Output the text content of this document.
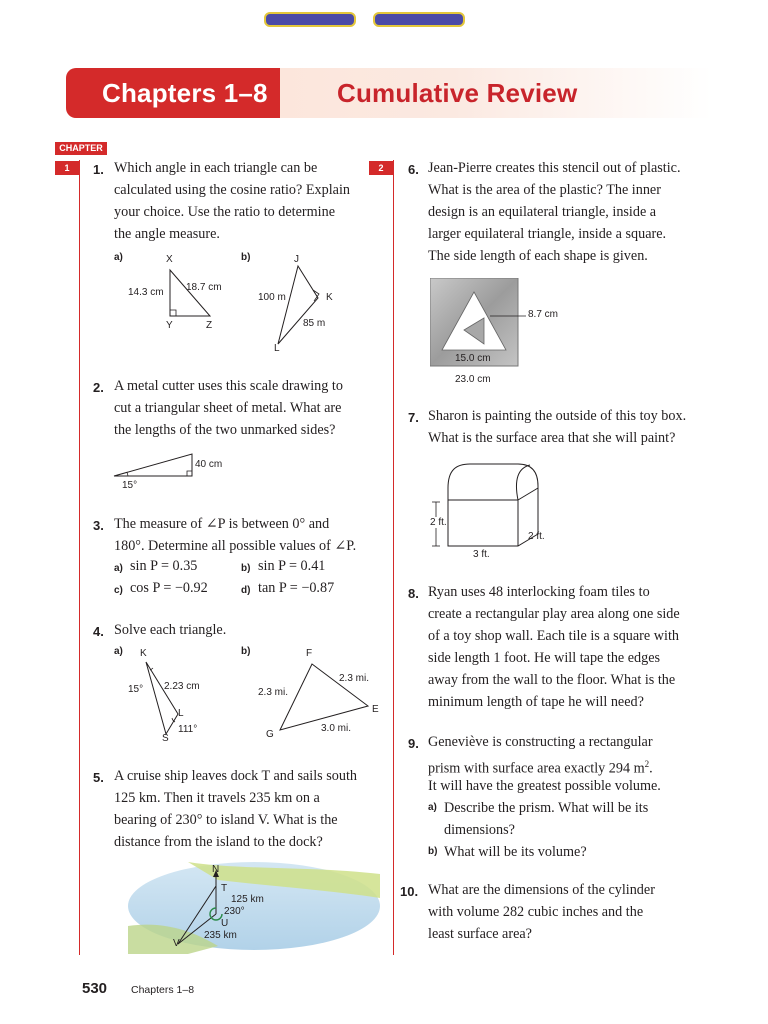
Chapters 1–8	Cumulative Review
CHAPTER
1	2
1. Which angle in each triangle can be
calculated using the cosine ratio? Explain
your choice. Use the ratio to determine
the angle measure.
a)	b)
X
14.3 cm 18.7 cm
Y	Z
J
100 m	K
85 m
L
2. A metal cutter uses this scale drawing to
cut a triangular sheet of metal. What are
the lengths of the two unmarked sides?
40 cm
15°
3. The measure of ∠P is between 0° and
180°. Determine all possible values of ∠P.
a) sin P = 0.35	b) sin P = 0.41
c) cos P = −0.92	d) tan P = −0.87
4. Solve each triangle.
a)	b)
K
15° 2.23 cm
L
111°
S
F
2.3 mi.
2.3 mi.
E
3.0 mi.
G
5. A cruise ship leaves dock T and sails south
125 km. Then it travels 235 km on a
bearing of 230° to island V. What is the
distance from the island to the dock?
N
T
125 km
230°
U
235 km
V
6. Jean-Pierre creates this stencil out of plastic.
What is the area of the plastic? The inner
design is an equilateral triangle, inside a
larger equilateral triangle, inside a square.
The side length of each shape is given.
8.7 cm
15.0 cm
23.0 cm
7. Sharon is painting the outside of this toy box.
What is the surface area that she will paint?
2 ft.
2 ft.
3 ft.
8. Ryan uses 48 interlocking foam tiles to
create a rectangular play area along one side
of a toy shop wall. Each tile is a square with
side length 1 foot. He will tape the edges
away from the wall to the floor. What is the
minimum length of tape he will need?
9. Geneviève is constructing a rectangular
prism with surface area exactly 294 $m^2$.
It will have the greatest possible volume.
a) Describe the prism. What will be its
dimensions?
b) What will be its volume?
10. What are the dimensions of the cylinder
with volume 282 cubic inches and the
least surface area?
530 Chapters 1–8
